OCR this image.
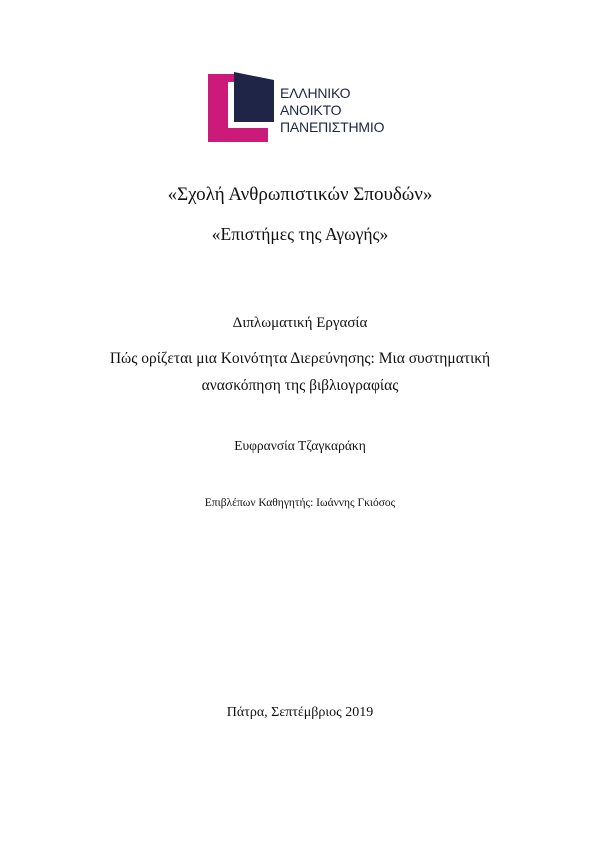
ΕΛΛΗΝΙΚΟ
ΑΝΟΙΚΤΟ
ΠΑΝΕΠΙΣΤΗΜΙΟ
«Σχολή Ανθρωπιστικών Σπουδών»
«Επιστήμες της Αγωγής»
Διπλωματική Εργασία
Πώς ορίζεται μια Κοινότητα Διερεύνησης: Μια συστηματική
ανασκόπηση της βιβλιογραφίας
Ευφρανσία Τζαγκαράκη
Επιβλέπων Καθηγητής: Ιωάννης Γκιόσος
Πάτρα, Σεπτέμβριος 2019
